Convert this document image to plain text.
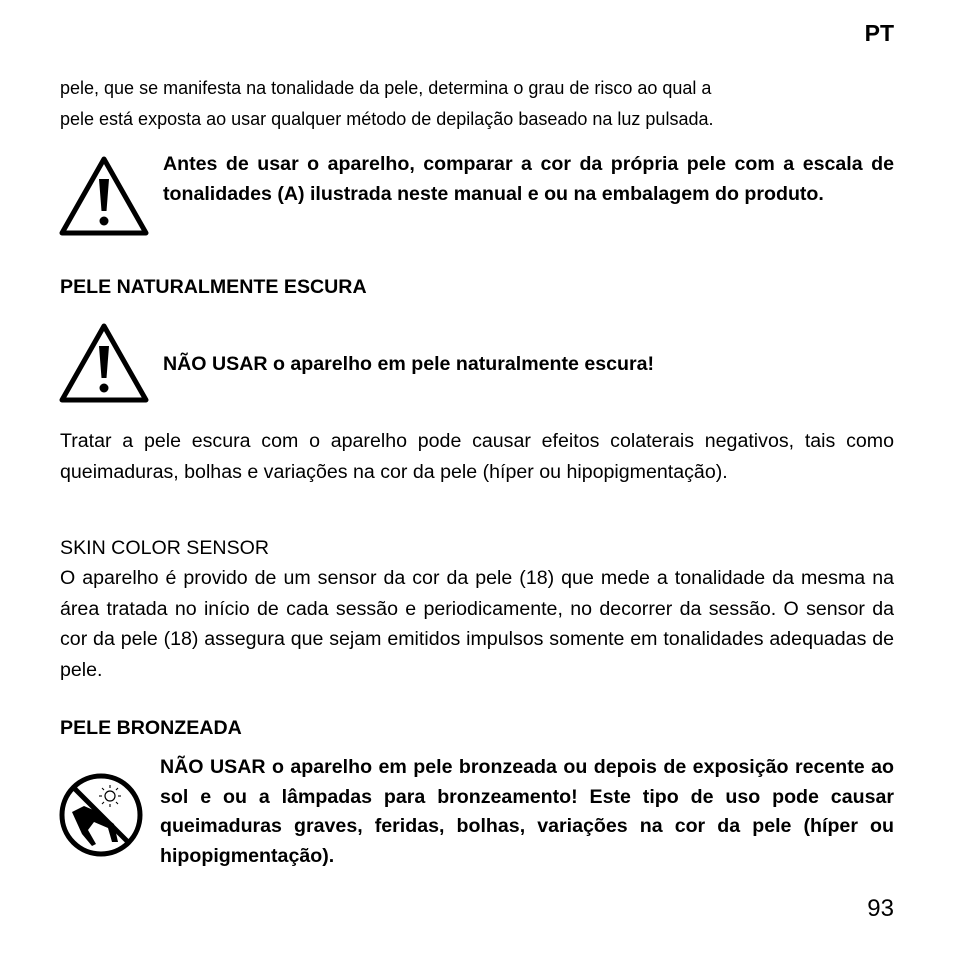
PT
pele, que se manifesta na tonalidade da pele, determina o grau de risco ao qual a
pele está exposta ao usar qualquer método de depilação baseado na luz pulsada.
Antes de usar o aparelho, comparar a cor da própria pele com a escala de tonalidades (A) ilustrada neste manual e ou na embalagem do produto.
PELE NATURALMENTE ESCURA
NÃO USAR o aparelho em pele naturalmente escura!
Tratar a pele escura com o aparelho pode causar efeitos colaterais negativos, tais como queimaduras, bolhas e variações na cor da pele (híper ou hipopigmentação).
SKIN COLOR SENSOR
O aparelho é provido de um sensor da cor da pele (18) que mede a tonalidade da mesma na área tratada no início de cada sessão e periodicamente, no decorrer da sessão. O sensor da cor da pele (18) assegura que sejam emitidos impulsos somente em tonalidades adequadas de pele.
PELE BRONZEADA
NÃO USAR o aparelho em pele bronzeada ou depois de exposição recente ao sol e ou a lâmpadas para bronzeamento! Este tipo de uso pode causar queimaduras graves, feridas, bolhas, variações na cor da pele (híper ou hipopigmentação).
93
